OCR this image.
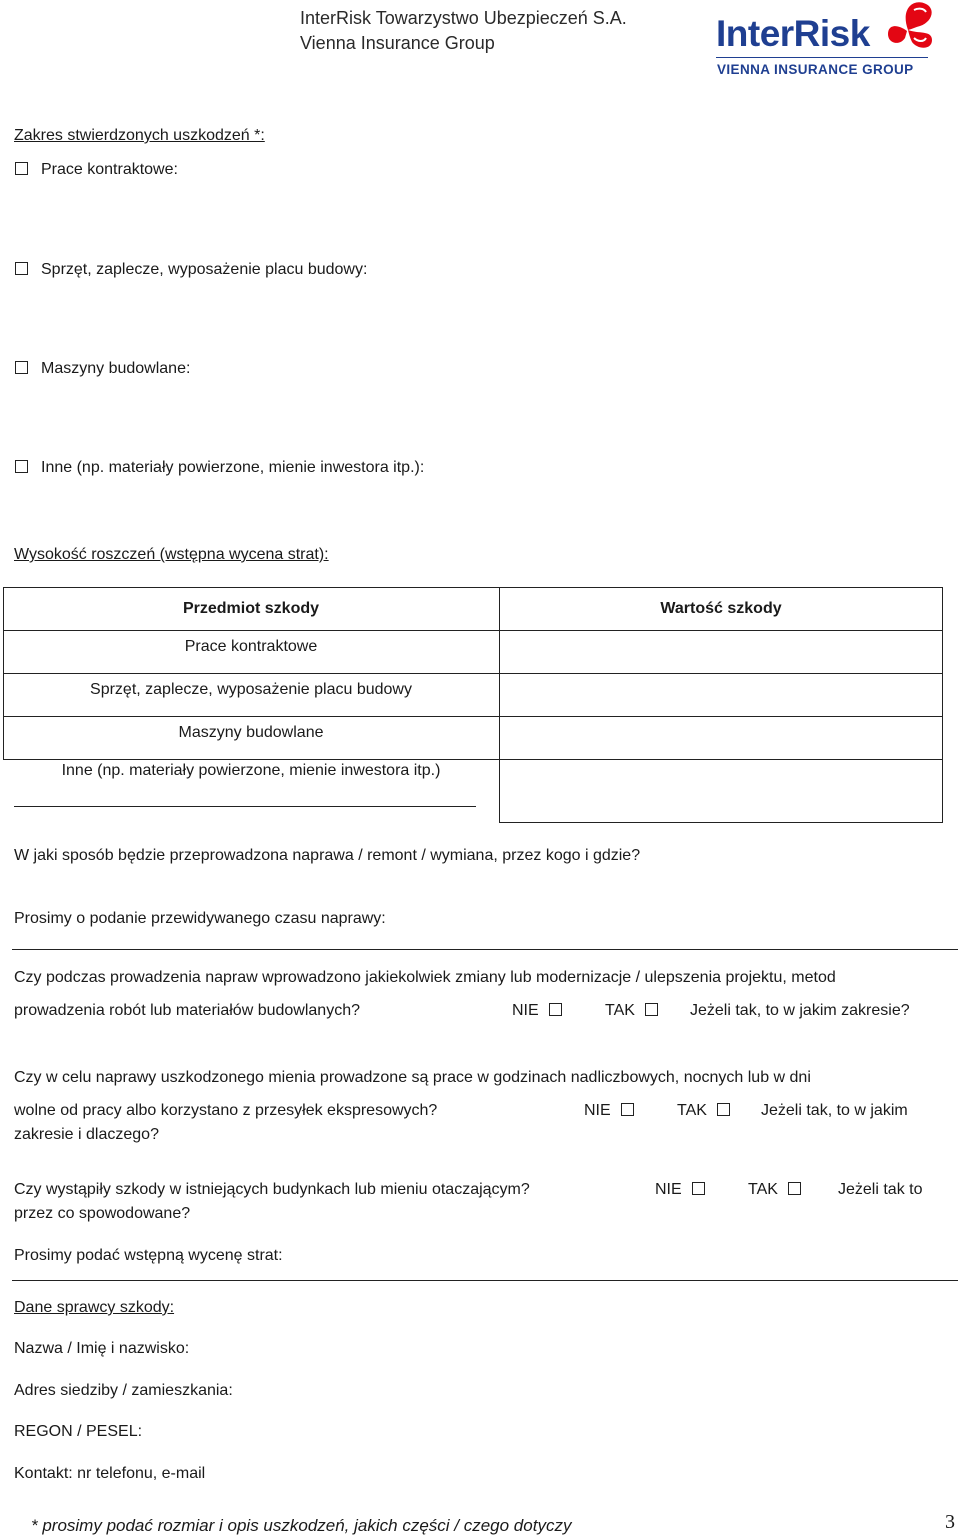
InterRisk Towarzystwo Ubezpieczeń S.A.
Vienna Insurance Group	InterRisk
VIENNA INSURANCE GROUP
Zakres stwierdzonych uszkodzeń *:
Prace kontraktowe:
Sprzęt, zaplecze, wyposażenie placu budowy:
Maszyny budowlane:
Inne (np. materiały powierzone, mienie inwestora itp.):
Wysokość roszczeń (wstępna wycena strat):
Przedmiot szkody	Wartość szkody
Prace kontraktowe
Sprzęt, zaplecze, wyposażenie placu budowy
Maszyny budowlane
Inne (np. materiały powierzone, mienie inwestora itp.)
W jaki sposób będzie przeprowadzona naprawa / remont / wymiana, przez kogo i gdzie?
Prosimy o podanie przewidywanego czasu naprawy:
Czy podczas prowadzenia napraw wprowadzono jakiekolwiek zmiany lub modernizacje / ulepszenia projektu, metod
prowadzenia robót lub materiałów budowlanych?	NIE	TAK	Jeżeli tak, to w jakim zakresie?
Czy w celu naprawy uszkodzonego mienia prowadzone są prace w godzinach nadliczbowych, nocnych lub w dni
wolne od pracy albo korzystano z przesyłek ekspresowych?	NIE	TAK	Jeżeli tak, to w jakim
zakresie i dlaczego?
Czy wystąpiły szkody w istniejących budynkach lub mieniu otaczającym?	NIE	TAK	Jeżeli tak to
przez co spowodowane?
Prosimy podać wstępną wycenę strat:
Dane sprawcy szkody:
Nazwa / Imię i nazwisko:
Adres siedziby / zamieszkania:
REGON / PESEL:
Kontakt: nr telefonu, e-mail
* prosimy podać rozmiar i opis uszkodzeń, jakich części / czego dotyczy	3
